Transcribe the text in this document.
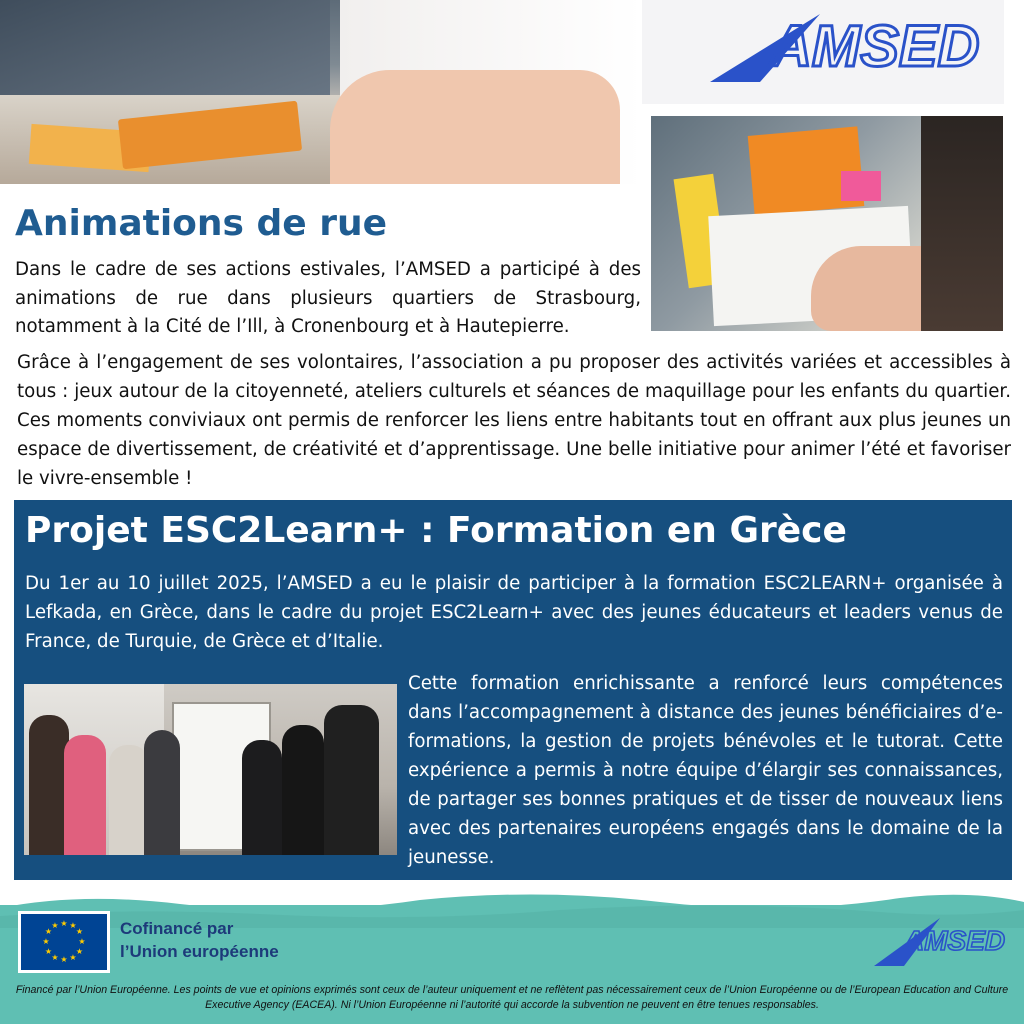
AMSED
Animations de rue

Dans le cadre de ses actions estivales, l’AMSED a participé à des animations de rue dans plusieurs quartiers de Strasbourg, notamment à la Cité de l’Ill, à Cronenbourg et à Hautepierre.

Grâce à l’engagement de ses volontaires, l’association a pu proposer des activités variées et accessibles à tous : jeux autour de la citoyenneté, ateliers culturels et séances de maquillage pour les enfants du quartier. Ces moments conviviaux ont permis de renforcer les liens entre habitants tout en offrant aux plus jeunes un espace de divertissement, de créativité et d’apprentissage. Une belle initiative pour animer l’été et favoriser le vivre-ensemble !

Projet ESC2Learn+ : Formation en Grèce

Du 1er au 10 juillet 2025, l’AMSED a eu le plaisir de participer à la formation ESC2LEARN+ organisée à Lefkada, en Grèce, dans le cadre du projet ESC2Learn+ avec des jeunes éducateurs et leaders venus de France, de Turquie, de Grèce et d’Italie.

Cette formation enrichissante a renforcé leurs compétences dans l’accompagnement à distance des jeunes bénéficiaires d’e-formations, la gestion de projets bénévoles et le tutorat. Cette expérience a permis à notre équipe d’élargir ses connaissances, de partager ses bonnes pratiques et de tisser de nouveaux liens avec des partenaires européens engagés dans le domaine de la jeunesse.

★ ★
★
★
★
★
★
★
★
★
★
★	Cofinancé par
l’Union européenne	AMSED

Financé par l’Union Européenne. Les points de vue et opinions exprimés sont ceux de l’auteur uniquement et ne reflètent pas nécessairement ceux de l’Union Européenne ou de l’European Education and Culture Executive Agency (EACEA). Ni l’Union Européenne ni l’autorité qui accorde la subvention ne peuvent en être tenues responsables.
